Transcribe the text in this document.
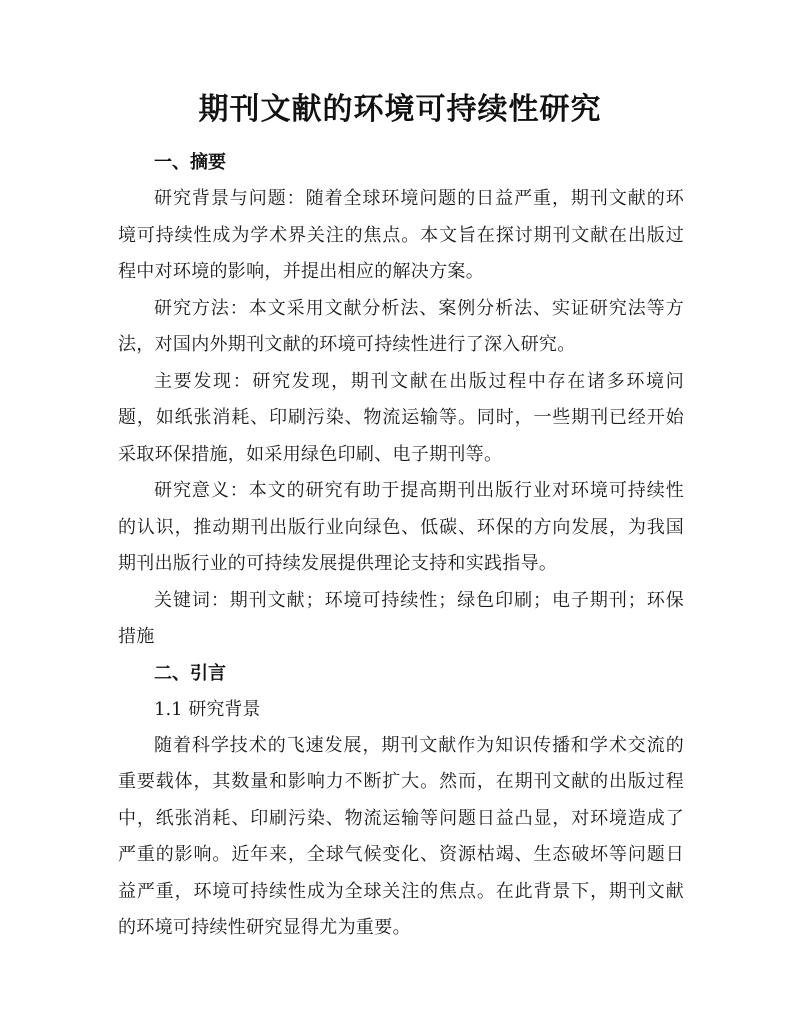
期刊文献的环境可持续性研究

一、摘要

研究背景与问题：随着全球环境问题的日益严重，期刊文献的环境可持续性成为学术界关注的焦点。本文旨在探讨期刊文献在出版过程中对环境的影响，并提出相应的解决方案。

研究方法：本文采用文献分析法、案例分析法、实证研究法等方法，对国内外期刊文献的环境可持续性进行了深入研究。

主要发现：研究发现，期刊文献在出版过程中存在诸多环境问题，如纸张消耗、印刷污染、物流运输等。同时，一些期刊已经开始采取环保措施，如采用绿色印刷、电子期刊等。

研究意义：本文的研究有助于提高期刊出版行业对环境可持续性的认识，推动期刊出版行业向绿色、低碳、环保的方向发展，为我国期刊出版行业的可持续发展提供理论支持和实践指导。

关键词：期刊文献；环境可持续性；绿色印刷；电子期刊；环保措施

二、引言

1.1 研究背景

随着科学技术的飞速发展，期刊文献作为知识传播和学术交流的重要载体，其数量和影响力不断扩大。然而，在期刊文献的出版过程中，纸张消耗、印刷污染、物流运输等问题日益凸显，对环境造成了严重的影响。近年来，全球气候变化、资源枯竭、生态破坏等问题日益严重，环境可持续性成为全球关注的焦点。在此背景下，期刊文献的环境可持续性研究显得尤为重要。
